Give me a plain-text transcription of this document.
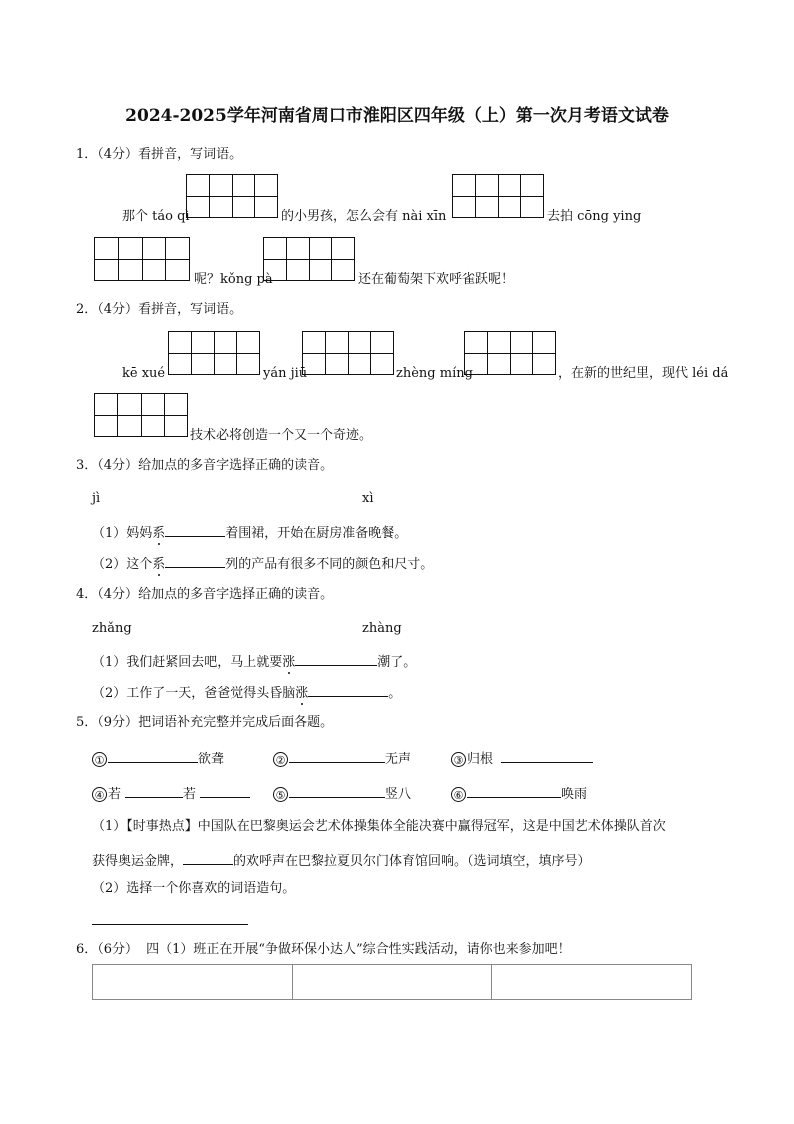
2024-2025学年河南省周口市淮阳区四年级（上）第一次月考语文试卷
1．（4分）看拼音，写词语。
那个 táo qì	的小男孩，怎么会有 nài xīn	去拍 cōng ying
呢？kǒng pà	还在葡萄架下欢呼雀跃呢！
2．（4分）看拼音，写词语。
kē xué	yán jiū	zhèng míng	，在新的世纪里，现代 léi dá
技术必将创造一个又一个奇迹。
3．（4分）给加点的多音字选择正确的读音。
jì	xì
（1）妈妈系	着围裙，开始在厨房准备晚餐。
（2）这个系	列的产品有很多不同的颜色和尺寸。
4．（4分）给加点的多音字选择正确的读音。
zhǎng	zhàng
（1）我们赶紧回去吧，马上就要涨	潮了。
（2）工作了一天，爸爸觉得头昏脑涨	。
5．（9分）把词语补充完整并完成后面各题。
①	欲聋	②	无声	③ 归根
④ 若	若	⑤	竖八	⑥	唤雨
（1）【时事热点】中国队在巴黎奥运会艺术体操集体全能决赛中赢得冠军，这是中国艺术体操队首次
获得奥运金牌，	的欢呼声在巴黎拉夏贝尔门体育馆回响。（选词填空，填序号）
（2）选择一个你喜欢的词语造句。
6．（6分） 四（1）班正在开展“争做环保小达人”综合性实践活动，请你也来参加吧！
